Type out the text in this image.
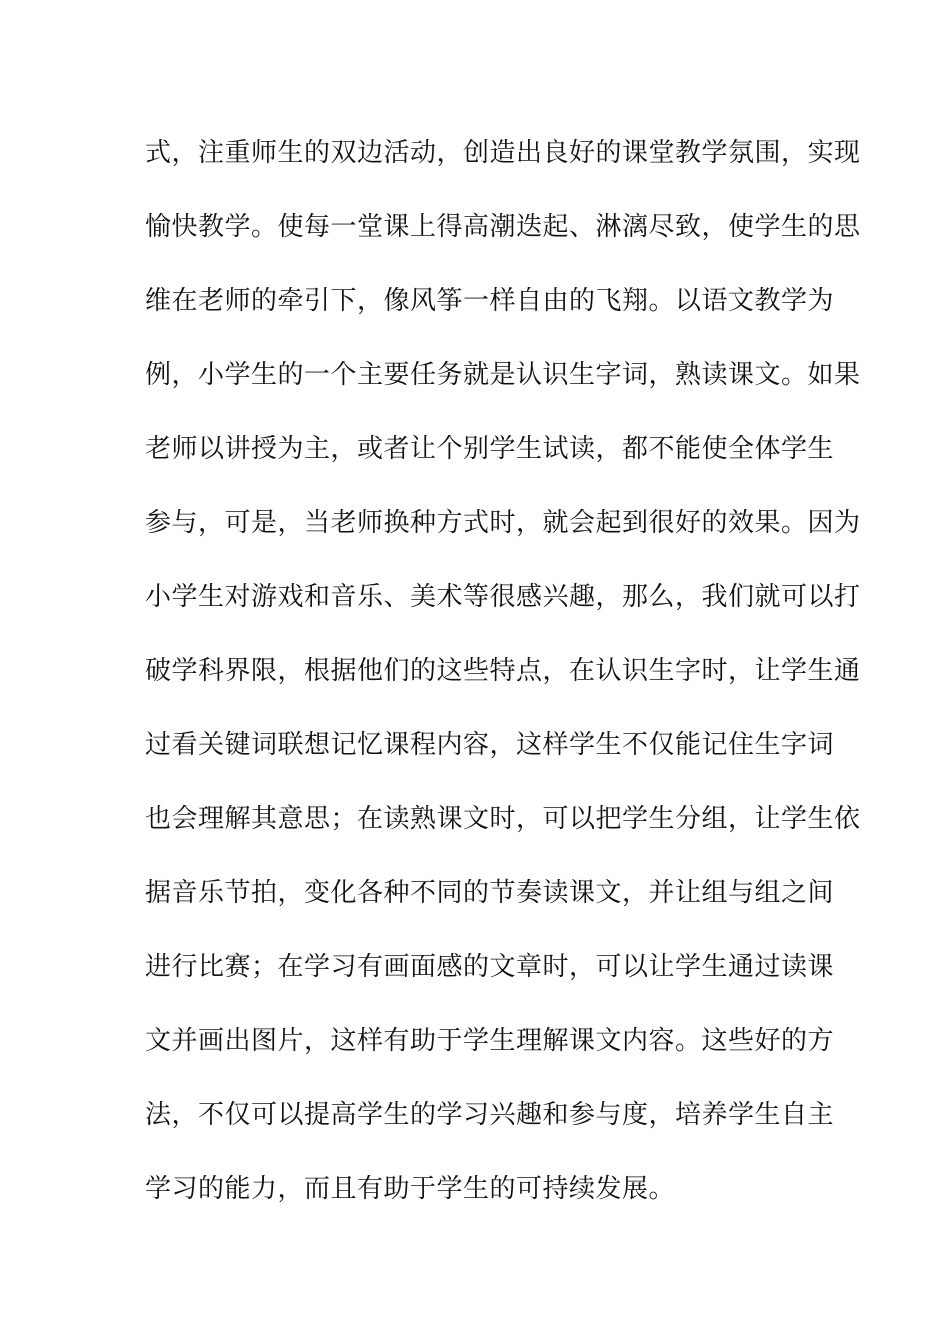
式，注重师生的双边活动，创造出良好的课堂教学氛围，实现
愉快教学。使每一堂课上得高潮迭起、淋漓尽致，使学生的思
维在老师的牵引下，像风筝一样自由的飞翔。以语文教学为
例，小学生的一个主要任务就是认识生字词，熟读课文。如果
老师以讲授为主，或者让个别学生试读，都不能使全体学生
参与，可是，当老师换种方式时，就会起到很好的效果。因为
小学生对游戏和音乐、美术等很感兴趣，那么，我们就可以打
破学科界限，根据他们的这些特点，在认识生字时，让学生通
过看关键词联想记忆课程内容，这样学生不仅能记住生字词
也会理解其意思；在读熟课文时，可以把学生分组，让学生依
据音乐节拍，变化各种不同的节奏读课文，并让组与组之间
进行比赛；在学习有画面感的文章时，可以让学生通过读课
文并画出图片，这样有助于学生理解课文内容。这些好的方
法，不仅可以提高学生的学习兴趣和参与度，培养学生自主
学习的能力，而且有助于学生的可持续发展。
